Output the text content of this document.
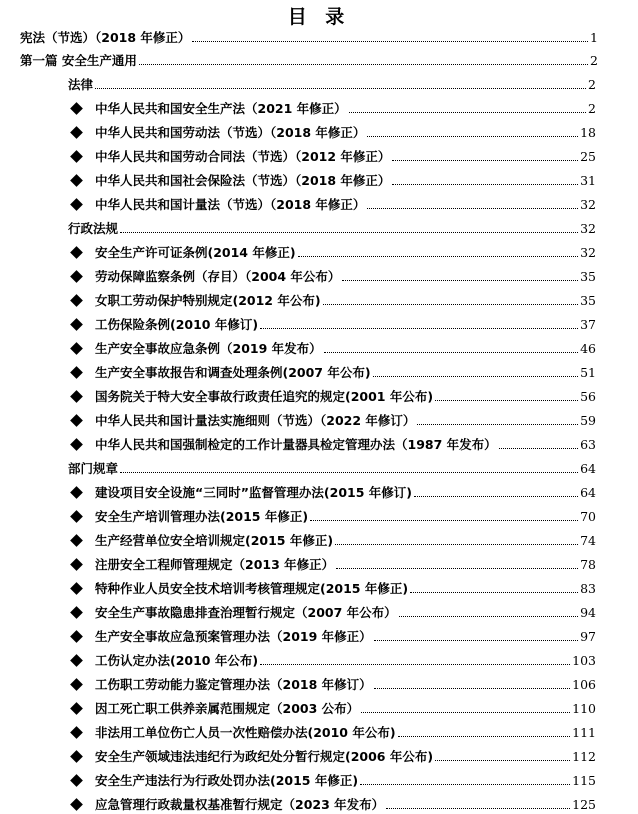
目 录
宪法（节选）（2018 年修正）	1
第一篇 安全生产通用	2
法律	2
中华人民共和国安全生产法（2021 年修正）	2
中华人民共和国劳动法（节选）（2018 年修正）	18
中华人民共和国劳动合同法（节选）（2012 年修正）	25
中华人民共和国社会保险法（节选）（2018 年修正）	31
中华人民共和国计量法（节选）（2018 年修正）	32
行政法规	32
安全生产许可证条例(2014 年修正)	32
劳动保障监察条例（存目）（2004 年公布）	35
女职工劳动保护特别规定(2012 年公布)	35
工伤保险条例(2010 年修订)	37
生产安全事故应急条例（2019 年发布）	46
生产安全事故报告和调查处理条例(2007 年公布)	51
国务院关于特大安全事故行政责任追究的规定(2001 年公布)	56
中华人民共和国计量法实施细则（节选）（2022 年修订）	59
中华人民共和国强制检定的工作计量器具检定管理办法（1987 年发布）	63
部门规章	64
建设项目安全设施“三同时”监督管理办法(2015 年修订)	64
安全生产培训管理办法(2015 年修正)	70
生产经营单位安全培训规定(2015 年修正)	74
注册安全工程师管理规定（2013 年修正）	78
特种作业人员安全技术培训考核管理规定(2015 年修正)	83
安全生产事故隐患排查治理暂行规定（2007 年公布）	94
生产安全事故应急预案管理办法（2019 年修正）	97
工伤认定办法(2010 年公布)	103
工伤职工劳动能力鉴定管理办法（2018 年修订）	106
因工死亡职工供养亲属范围规定（2003 公布）	110
非法用工单位伤亡人员一次性赔偿办法(2010 年公布)	111
安全生产领域违法违纪行为政纪处分暂行规定(2006 年公布)	112
安全生产违法行为行政处罚办法(2015 年修正)	115
应急管理行政裁量权基准暂行规定（2023 年发布）	125
